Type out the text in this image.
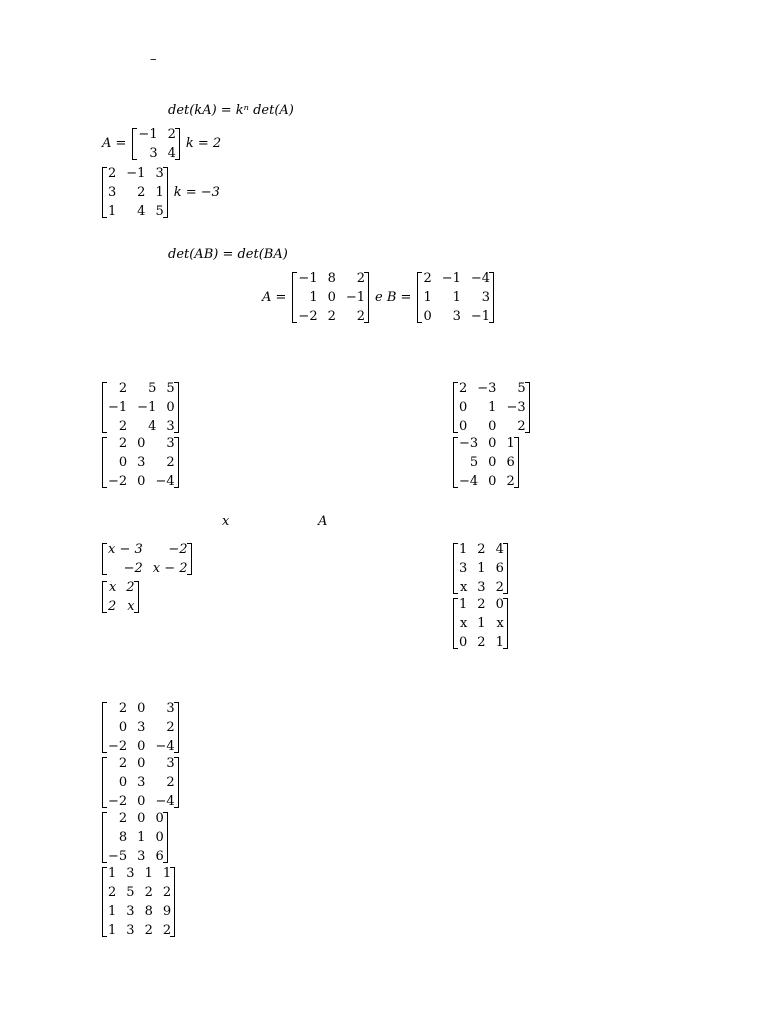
–
det(kA) = kⁿ det(A)
A =
−1 2
3 4
k = 2
2 −1 3
3	2 1
1	4 5
k = −3
det(AB) = det(BA)
A =
−1 8	2
1 0 −1
−2 2	2
e B =
2 −1 −4
1	1	3
0	3 −1
2	5 5
−1 −1 0
2	4 3
2 0	3
0 3	2
−2 0 −4
2 −3	5
0	1 −3
0	0	2
−3 0 1
5 0 6
−4 0 2
x	A
x − 3	−2
−2 x − 2
x 2
2 x
1 2 4
3 1 6
x 3 2
1 2 0
x 1 x
0 2 1
2 0	3
0 3	2
−2 0 −4
2 0	3
0 3	2
−2 0 −4
2 0 0
8 1 0
−5 3 6
1 3 1 1
2 5 2 2
1 3 8 9
1 3 2 2
